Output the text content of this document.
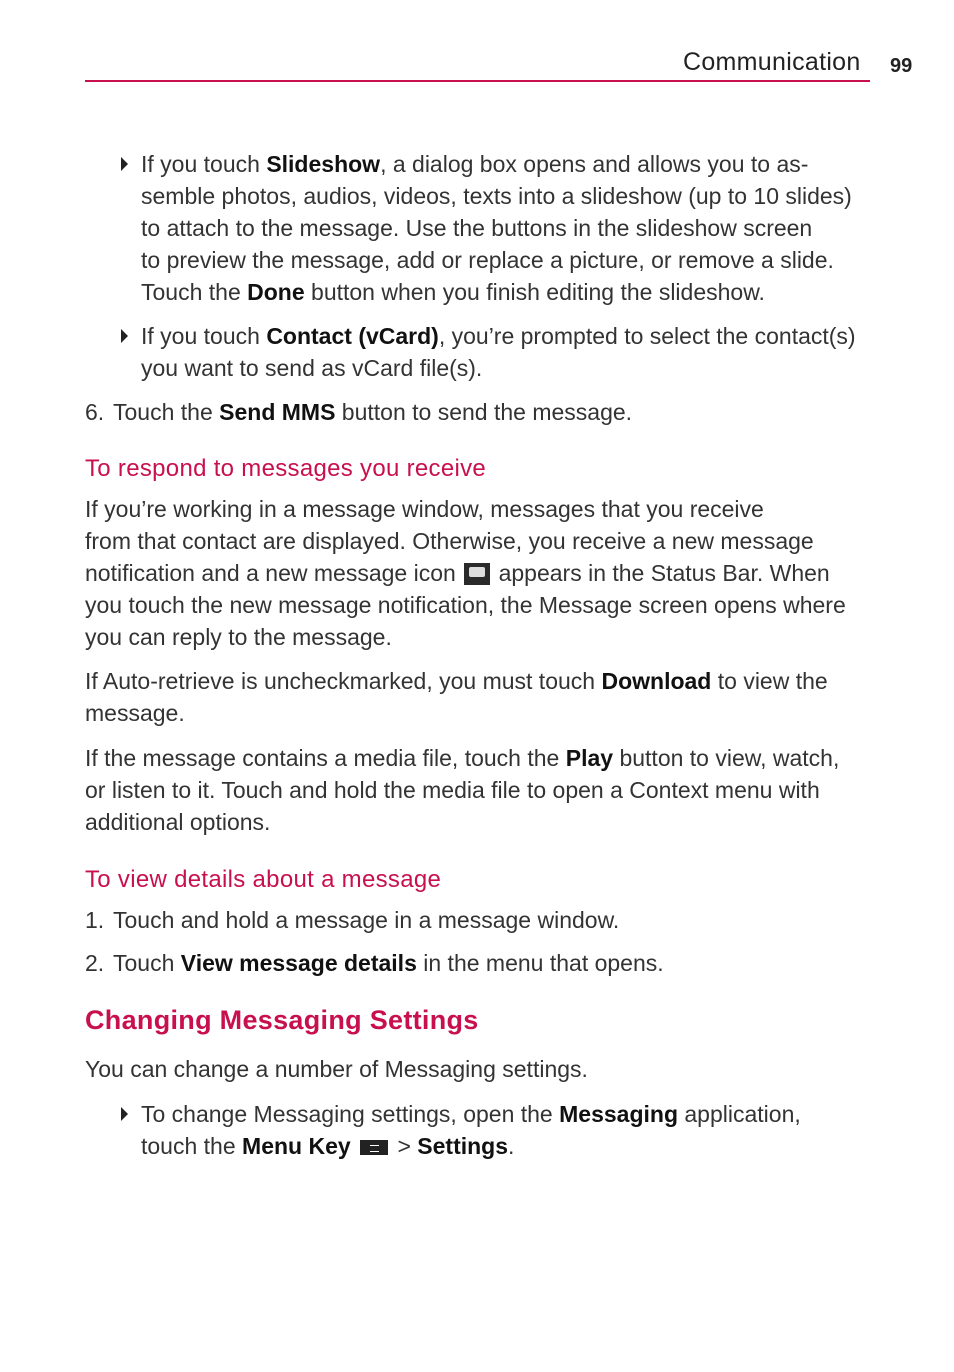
Communication 99
If you touch Slideshow, a dialog box opens and allows you to as-
semble photos, audios, videos, texts into a slideshow (up to 10 slides)
to attach to the message. Use the buttons in the slideshow screen
to preview the message, add or replace a picture, or remove a slide.
Touch the Done button when you finish editing the slideshow.
If you touch Contact (vCard), you’re prompted to select the contact(s)
you want to send as vCard file(s).
6. Touch the Send MMS button to send the message.
To respond to messages you receive
If you’re working in a message window, messages that you receive
from that contact are displayed. Otherwise, you receive a new message
notification and a new message icon  appears in the Status Bar. When
you touch the new message notification, the Message screen opens where
you can reply to the message.
If Auto-retrieve is uncheckmarked, you must touch Download to view the
message.
If the message contains a media file, touch the Play button to view, watch,
or listen to it. Touch and hold the media file to open a Context menu with
additional options.
To view details about a message
1. Touch and hold a message in a message window.
2. Touch View message details in the menu that opens.
Changing Messaging Settings
You can change a number of Messaging settings.
To change Messaging settings, open the Messaging application,
touch the Menu Key  > Settings.
